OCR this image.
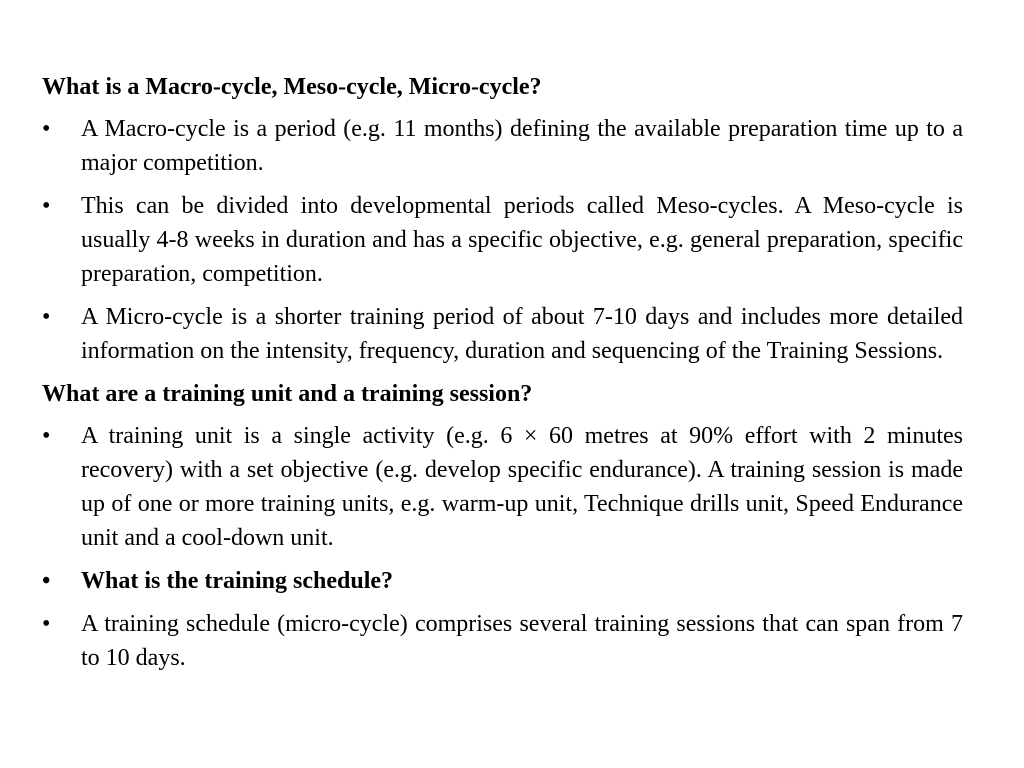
What is a Macro-cycle, Meso-cycle, Micro-cycle?

•	A Macro-cycle is a period (e.g. 11 months) defining the available preparation time up to a major competition.
•	This can be divided into developmental periods called Meso-cycles. A Meso-cycle is usually 4-8 weeks in duration and has a specific objective, e.g. general preparation, specific preparation, competition.
•	A Micro-cycle is a shorter training period of about 7-10 days and includes more detailed information on the intensity, frequency, duration and sequencing of the Training Sessions.

What are a training unit and a training session?

•	A training unit is a single activity (e.g. 6 × 60 metres at 90% effort with 2 minutes recovery) with a set objective (e.g. develop specific endurance). A training session is made up of one or more training units, e.g. warm-up unit, Technique drills unit, Speed Endurance unit and a cool-down unit.
•	What is the training schedule?
•	A training schedule (micro-cycle) comprises several training sessions that can span from 7 to 10 days.
